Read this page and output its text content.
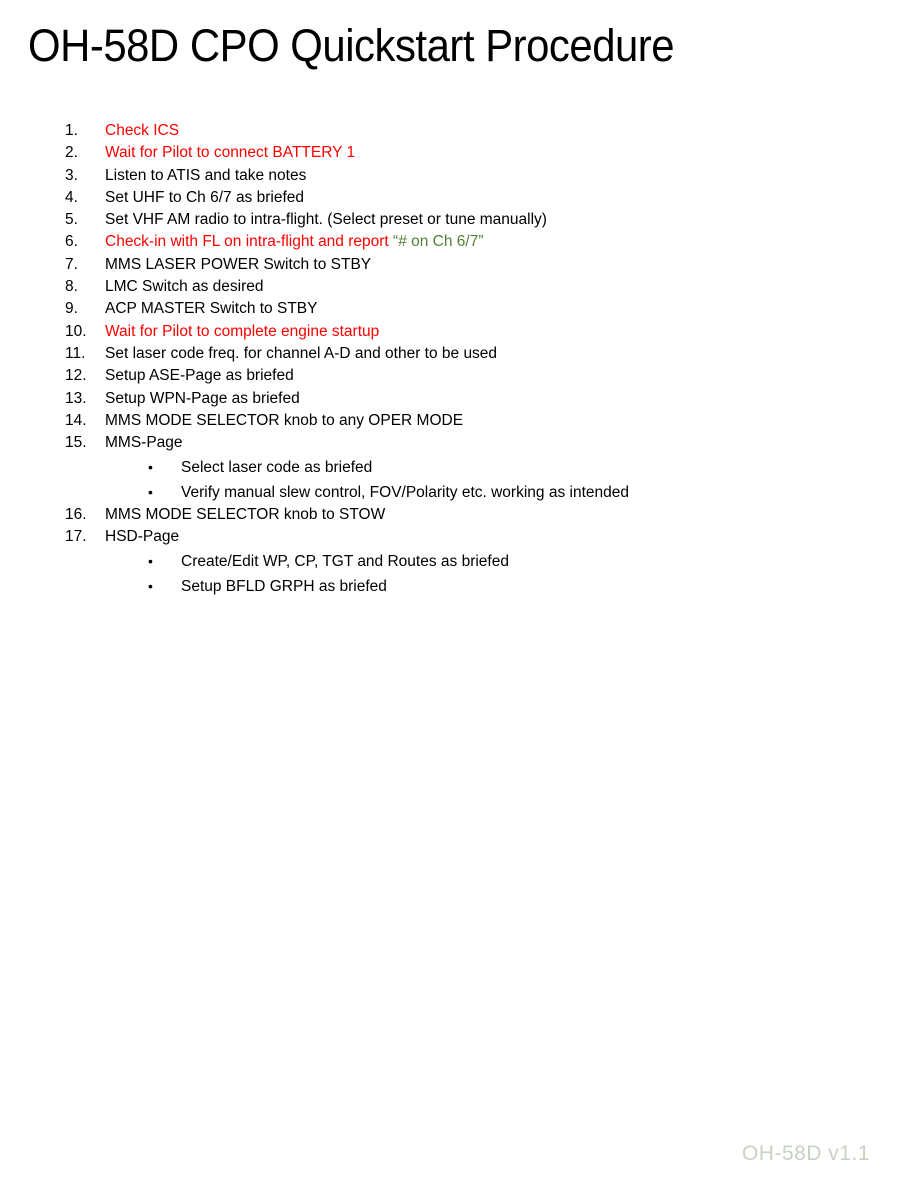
OH-58D CPO Quickstart Procedure
1.	Check ICS
2.	Wait for Pilot to connect BATTERY 1
3.	Listen to ATIS and take notes
4.	Set UHF to Ch 6/7 as briefed
5.	Set VHF AM radio to intra-flight. (Select preset or tune manually)
6.	Check-in with FL on intra-flight and report “# on Ch 6/7”
7.	MMS LASER POWER Switch to STBY
8.	LMC Switch as desired
9.	ACP MASTER Switch to STBY
10.	Wait for Pilot to complete engine startup
11.	Set laser code freq. for channel A-D and other to be used
12.	Setup ASE-Page as briefed
13.	Setup WPN-Page as briefed
14.	MMS MODE SELECTOR knob to any OPER MODE
15.	MMS-Page
•	Select laser code as briefed
•	Verify manual slew control, FOV/Polarity etc. working as intended
16.	MMS MODE SELECTOR knob to STOW
17.	HSD-Page
•	Create/Edit WP, CP, TGT and Routes as briefed
•	Setup BFLD GRPH as briefed
OH-58D v1.1
